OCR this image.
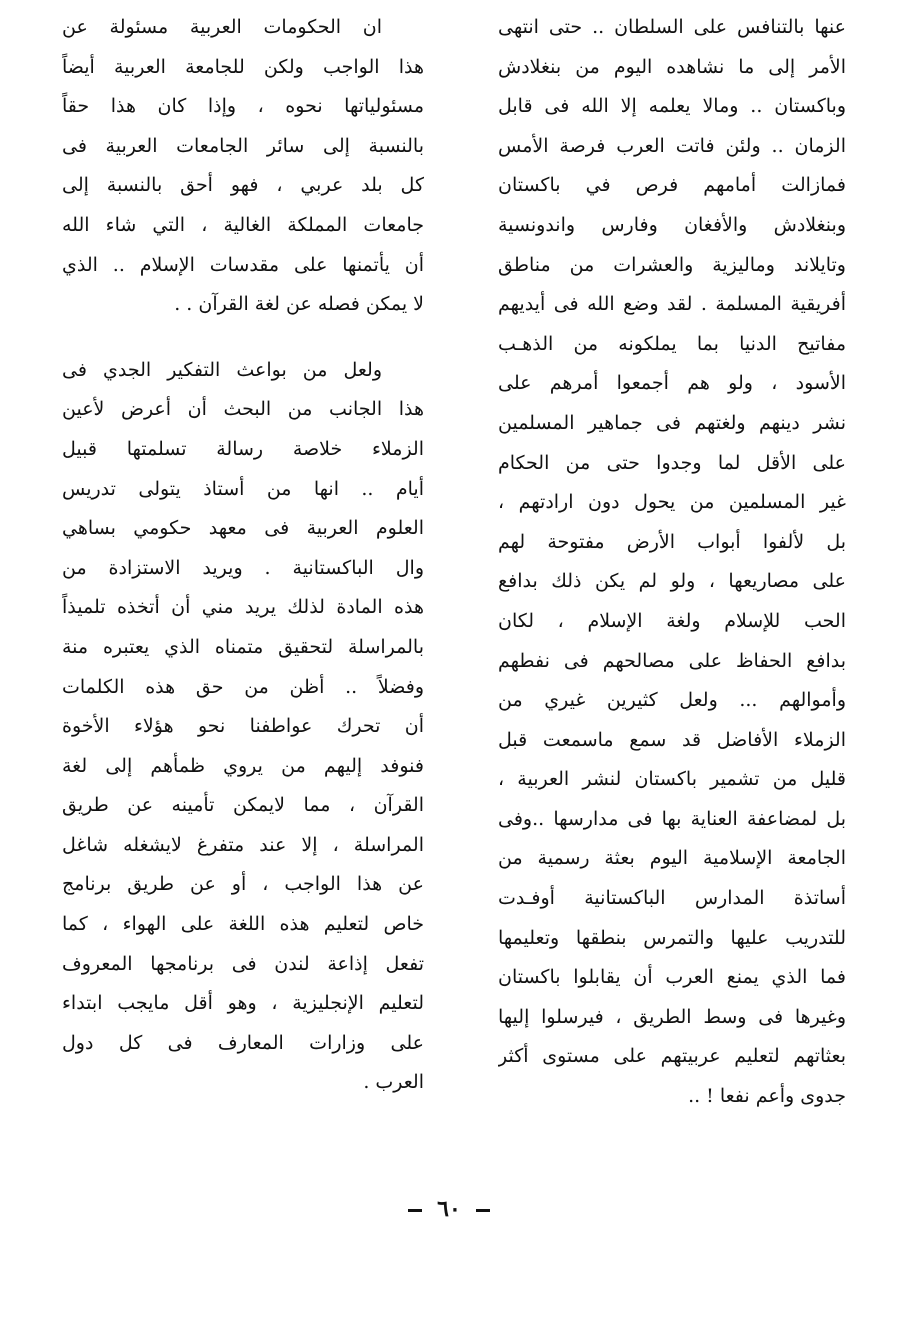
عنها بالتنافس على السلطان .. حتى انتهى
الأمر إلى ما نشاهده اليوم من بنغلادش
وباكستان .. ومالا يعلمه إلا الله فى قابل
الزمان .. ولئن فاتت العرب فرصة الأمس
فمازالت أمامهم فرص في باكستان
وبنغلادش والأفغان وفارس واندونسية
وتايلاند وماليزية والعشرات من مناطق
أفريقية المسلمة . لقد وضع الله فى أيديهم
مفاتيح الدنيا بما يملكونه من الذهـب
الأسود ، ولو هم أجمعوا أمرهم على
نشر دينهم ولغتهم فى جماهير المسلمين
على الأقل لما وجدوا حتى من الحكام
غير المسلمين من يحول دون ارادتهم ،
بل لألفوا أبواب الأرض مفتوحة لهم
على مصاريعها ، ولو لم يكن ذلك بدافع
الحب للإسلام ولغة الإسلام ، لكان
بدافع الحفاظ على مصالحهم فى نفطهم
وأموالهم ... ولعل كثيرين غيري من
الزملاء الأفاضل قد سمع ماسمعت قبل
قليل من تشمير باكستان لنشر العربية ،
بل لمضاعفة العناية بها فى مدارسها ..وفى
الجامعة الإسلامية اليوم بعثة رسمية من
أساتذة المدارس الباكستانية أوفـدت
للتدريب عليها والتمرس بنطقها وتعليمها
فما الذي يمنع العرب أن يقابلوا باكستان
وغيرها فى وسط الطريق ، فيرسلوا إليها
بعثاتهم لتعليم عربيتهم على مستوى أكثر
جدوى وأعم نفعا ! ..
ان الحكومات العربية مسئولة عن
هذا الواجب ولكن للجامعة العربية أيضاً
مسئولياتها نحوه ، وإذا كان هذا حقاً
بالنسبة إلى سائر الجامعات العربية فى
كل بلد عربي ، فهو أحق بالنسبة إلى
جامعات المملكة الغالية ، التي شاء الله
أن يأتمنها على مقدسات الإسلام .. الذي
لا يمكن فصله عن لغة القرآن . .
ولعل من بواعث التفكير الجدي فى
هذا الجانب من البحث أن أعرض لأعين
الزملاء خلاصة رسالة تسلمتها قبيل
أيام .. انها من أستاذ يتولى تدريس
العلوم العربية فى معهد حكومي بساهي
وال الباكستانية . ويريد الاستزادة من
هذه المادة لذلك يريد مني أن أتخذه تلميذاً
بالمراسلة لتحقيق متمناه الذي يعتبره منة
وفضلاً .. أظن من حق هذه الكلمات
أن تحرك عواطفنا نحو هؤلاء الأخوة
فنوفد إليهم من يروي ظمأهم إلى لغة
القرآن ، مما لايمكن تأمينه عن طريق
المراسلة ، إلا عند متفرغ لايشغله شاغل
عن هذا الواجب ، أو عن طريق برنامج
خاص لتعليم هذه اللغة على الهواء ، كما
تفعل إذاعة لندن فى برنامجها المعروف
لتعليم الإنجليزية ، وهو أقل مايجب ابتداء
على وزارات المعارف فى كل دول
العرب .
٦٠
